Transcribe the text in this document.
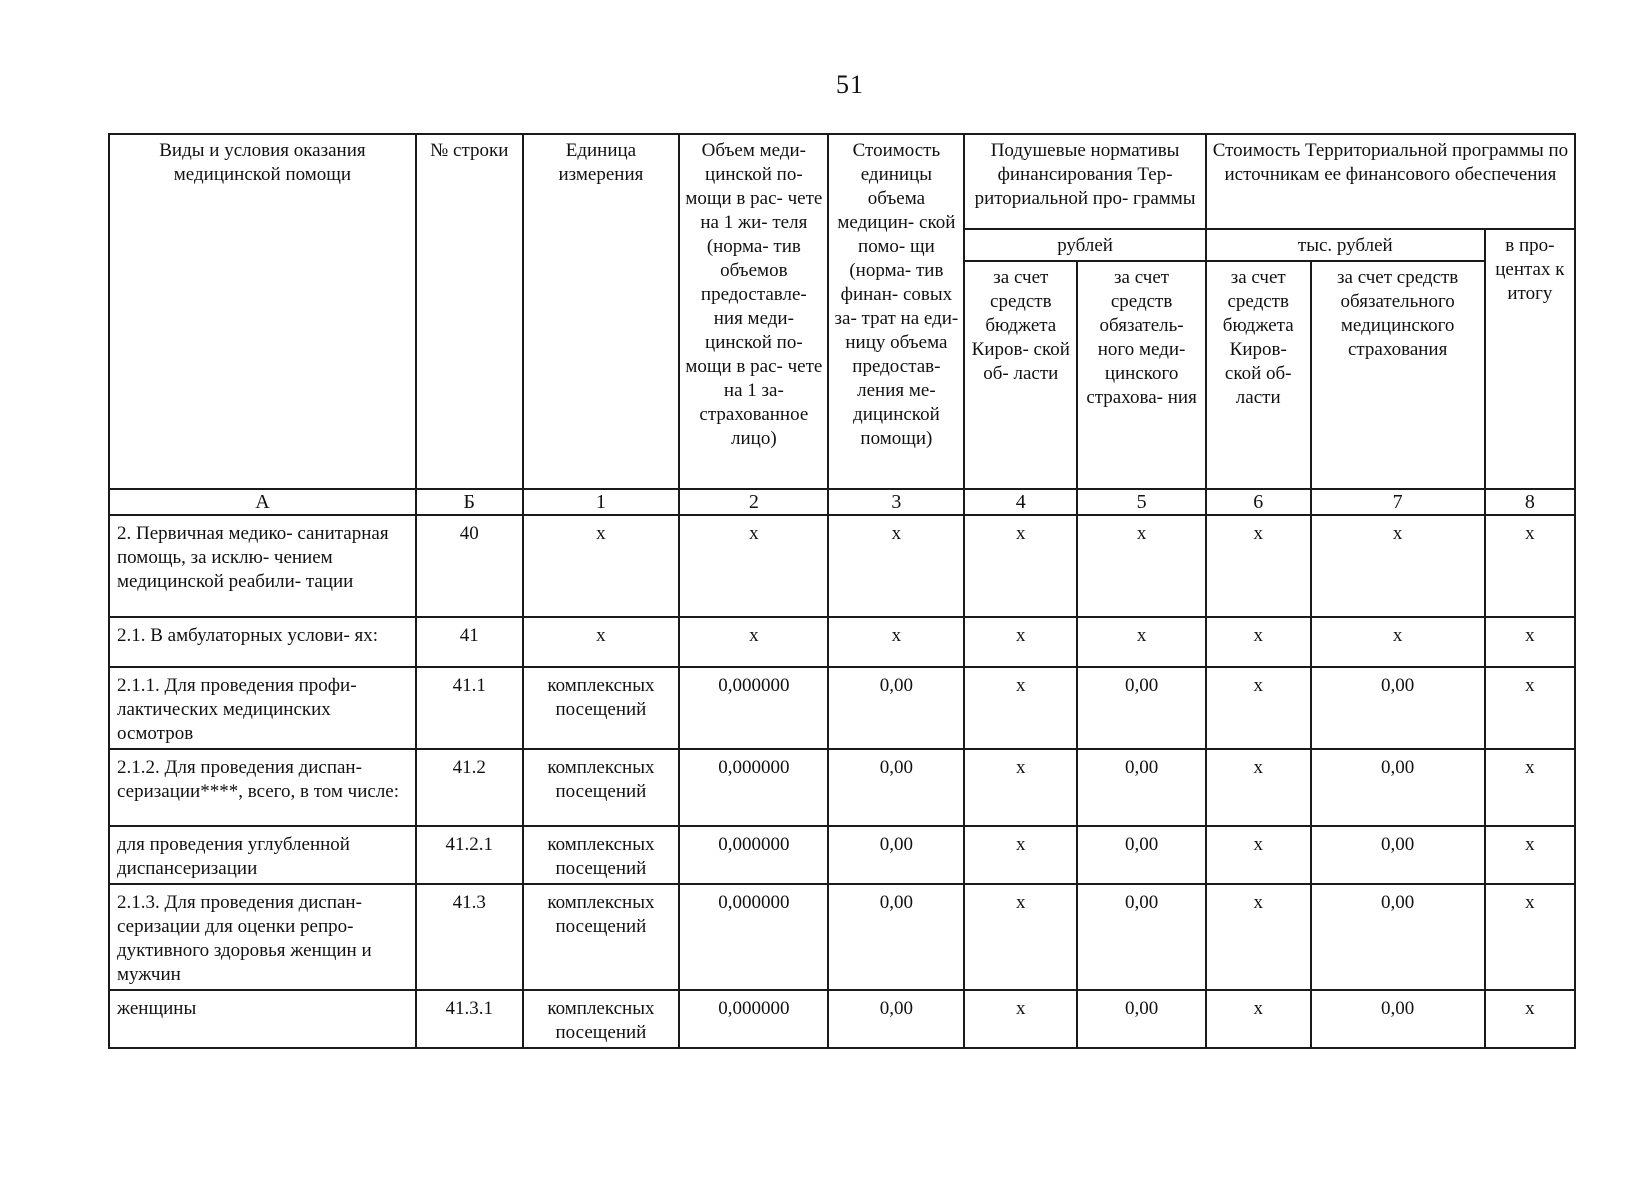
51
Виды и условия оказания медицинской помощи	№ строки	Единица измерения	Объем меди- цинской по- мощи в рас- чете на 1 жи- теля (норма- тив объемов предоставле- ния меди- цинской по- мощи в рас- чете на 1 за- страхованное лицо)	Стоимость единицы объема медицин- ской помо- щи (норма- тив финан- совых за- трат на еди- ницу объема предостав- ления ме- дицинской помощи)	Подушевые нормативы финансирования Тер- риториальной про- граммы		Стоимость Территориальной программы по источникам ее финансового обеспечения		
					рублей		тыс. рублей		в про- центах к итогу
					за счет средств бюджета Киров- ской об- ласти	за счет средств обязатель- ного меди- цинского страхова- ния	за счет средств бюджета Киров- ской об- ласти	за счет средств обязательного медицинского страхования	
А	Б	1	2	3	4	5	6	7	8
2. Первичная медико- санитарная помощь, за исклю- чением медицинской реабили- тации	40	х	х	х	х	х	х	х	х
2.1. В амбулаторных услови- ях:	41	х	х	х	х	х	х	х	х
2.1.1. Для проведения профи- лактических медицинских осмотров	41.1	комплексных посещений	0,000000	0,00	х	0,00	х	0,00	х
2.1.2. Для проведения диспан- серизации****, всего, в том числе:	41.2	комплексных посещений	0,000000	0,00	х	0,00	х	0,00	х
для проведения углубленной диспансеризации	41.2.1	комплексных посещений	0,000000	0,00	х	0,00	х	0,00	х
2.1.3. Для проведения диспан- серизации для оценки репро- дуктивного здоровья женщин и мужчин	41.3	комплексных посещений	0,000000	0,00	х	0,00	х	0,00	х
женщины	41.3.1	комплексных посещений	0,000000	0,00	х	0,00	х	0,00	х
